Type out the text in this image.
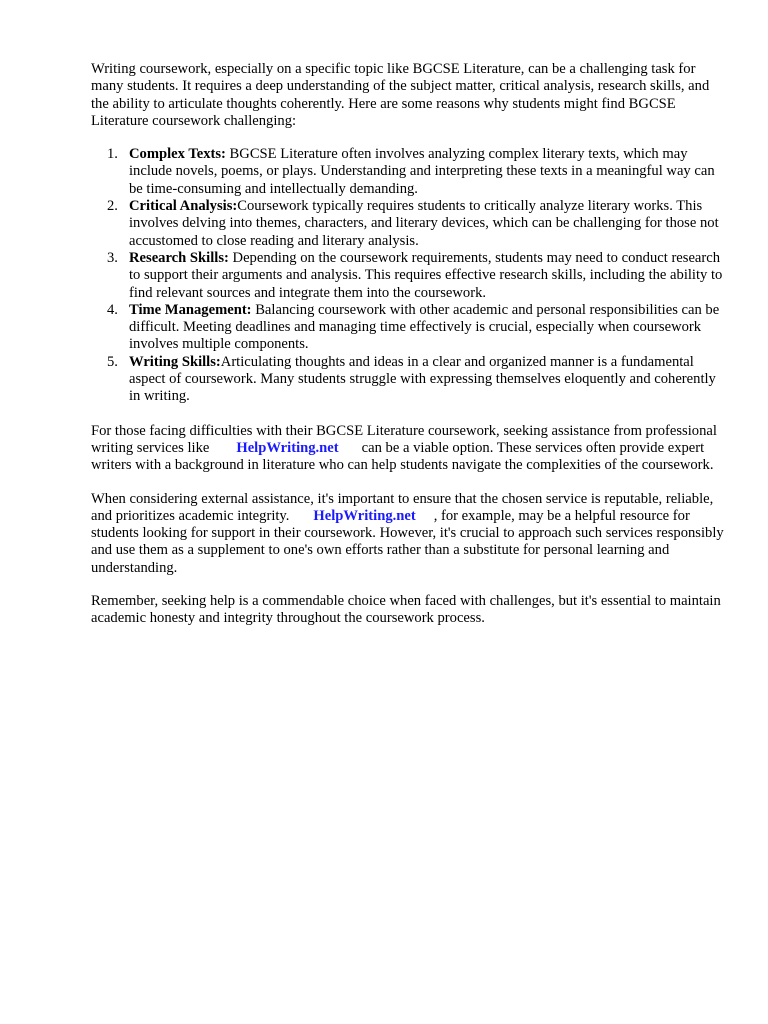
Writing coursework, especially on a specific topic like BGCSE Literature, can be a challenging task for many students. It requires a deep understanding of the subject matter, critical analysis, research skills, and the ability to articulate thoughts coherently. Here are some reasons why students might find BGCSE Literature coursework challenging:

1. Complex Texts: BGCSE Literature often involves analyzing complex literary texts, which may include novels, poems, or plays. Understanding and interpreting these texts in a meaningful way can be time-consuming and intellectually demanding.
2. Critical Analysis:Coursework typically requires students to critically analyze literary works. This involves delving into themes, characters, and literary devices, which can be challenging for those not accustomed to close reading and literary analysis.
3. Research Skills: Depending on the coursework requirements, students may need to conduct research to support their arguments and analysis. This requires effective research skills, including the ability to find relevant sources and integrate them into the coursework.
4. Time Management: Balancing coursework with other academic and personal responsibilities can be difficult. Meeting deadlines and managing time effectively is crucial, especially when coursework involves multiple components.
5. Writing Skills:Articulating thoughts and ideas in a clear and organized manner is a fundamental aspect of coursework. Many students struggle with expressing themselves eloquently and coherently in writing.

For those facing difficulties with their BGCSE Literature coursework, seeking assistance from professional writing services like HelpWriting.net can be a viable option. These services often provide expert writers with a background in literature who can help students navigate the complexities of the coursework.

When considering external assistance, it's important to ensure that the chosen service is reputable, reliable, and prioritizes academic integrity. HelpWriting.net , for example, may be a helpful resource for students looking for support in their coursework. However, it's crucial to approach such services responsibly and use them as a supplement to one's own efforts rather than a substitute for personal learning and understanding.

Remember, seeking help is a commendable choice when faced with challenges, but it's essential to maintain academic honesty and integrity throughout the coursework process.
